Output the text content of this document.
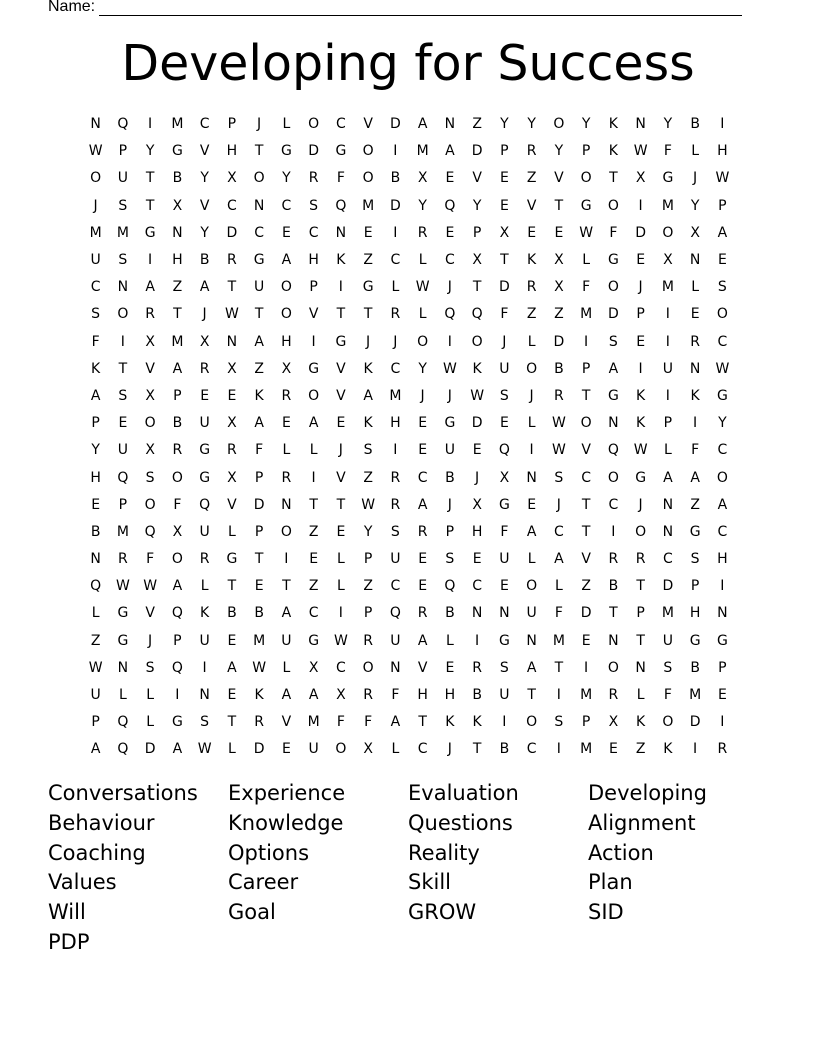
Name:
Developing for Success
N	Q	I	M	C	P	J	L	O	C	V	D	A	N	Z	Y	Y	O	Y	K	N	Y	B	I
W	P	Y	G	V	H	T	G	D	G	O	I	M	A	D	P	R	Y	P	K	W	F	L	H
O	U	T	B	Y	X	O	Y	R	F	O	B	X	E	V	E	Z	V	O	T	X	G	J	W
J	S	T	X	V	C	N	C	S	Q	M	D	Y	Q	Y	E	V	T	G	O	I	M	Y	P
M	M	G	N	Y	D	C	E	C	N	E	I	R	E	P	X	E	E	W	F	D	O	X	A
U	S	I	H	B	R	G	A	H	K	Z	C	L	C	X	T	K	X	L	G	E	X	N	E
C	N	A	Z	A	T	U	O	P	I	G	L	W	J	T	D	R	X	F	O	J	M	L	S
S	O	R	T	J	W	T	O	V	T	T	R	L	Q	Q	F	Z	Z	M	D	P	I	E	O
F	I	X	M	X	N	A	H	I	G	J	J	O	I	O	J	L	D	I	S	E	I	R	C
K	T	V	A	R	X	Z	X	G	V	K	C	Y	W	K	U	O	B	P	A	I	U	N	W
A	S	X	P	E	E	K	R	O	V	A	M	J	J	W	S	J	R	T	G	K	I	K	G
P	E	O	B	U	X	A	E	A	E	K	H	E	G	D	E	L	W	O	N	K	P	I	Y
Y	U	X	R	G	R	F	L	L	J	S	I	E	U	E	Q	I	W	V	Q	W	L	F	C
H	Q	S	O	G	X	P	R	I	V	Z	R	C	B	J	X	N	S	C	O	G	A	A	O
E	P	O	F	Q	V	D	N	T	T	W	R	A	J	X	G	E	J	T	C	J	N	Z	A
B	M	Q	X	U	L	P	O	Z	E	Y	S	R	P	H	F	A	C	T	I	O	N	G	C
N	R	F	O	R	G	T	I	E	L	P	U	E	S	E	U	L	A	V	R	R	C	S	H
Q	W W	A	L	T	E	T	Z	L	Z	C	E	Q	C	E	O	L	Z	B	T	D	P	I
L	G	V	Q	K	B	B	A	C	I	P	Q	R	B	N	N	U	F	D	T	P	M	H	N
Z	G	J	P	U	E	M	U	G	W	R	U	A	L	I	G	N	M	E	N	T	U	G	G
W	N	S	Q	I	A	W	L	X	C	O	N	V	E	R	S	A	T	I	O	N	S	B	P
U	L	L	I	N	E	K	A	A	X	R	F	H	H	B	U	T	I	M	R	L	F	M	E
P	Q	L	G	S	T	R	V	M	F	F	A	T	K	K	I	O	S	P	X	K	O	D	I
A	Q	D	A	W	L	D	E	U	O	X	L	C	J	T	B	C	I	M	E	Z	K	I	R
Conversations	Experience	Evaluation	Developing
Behaviour	Knowledge	Questions	Alignment
Coaching	Options	Reality	Action
Values	Career	Skill	Plan
Will	Goal	GROW	SID
PDP
